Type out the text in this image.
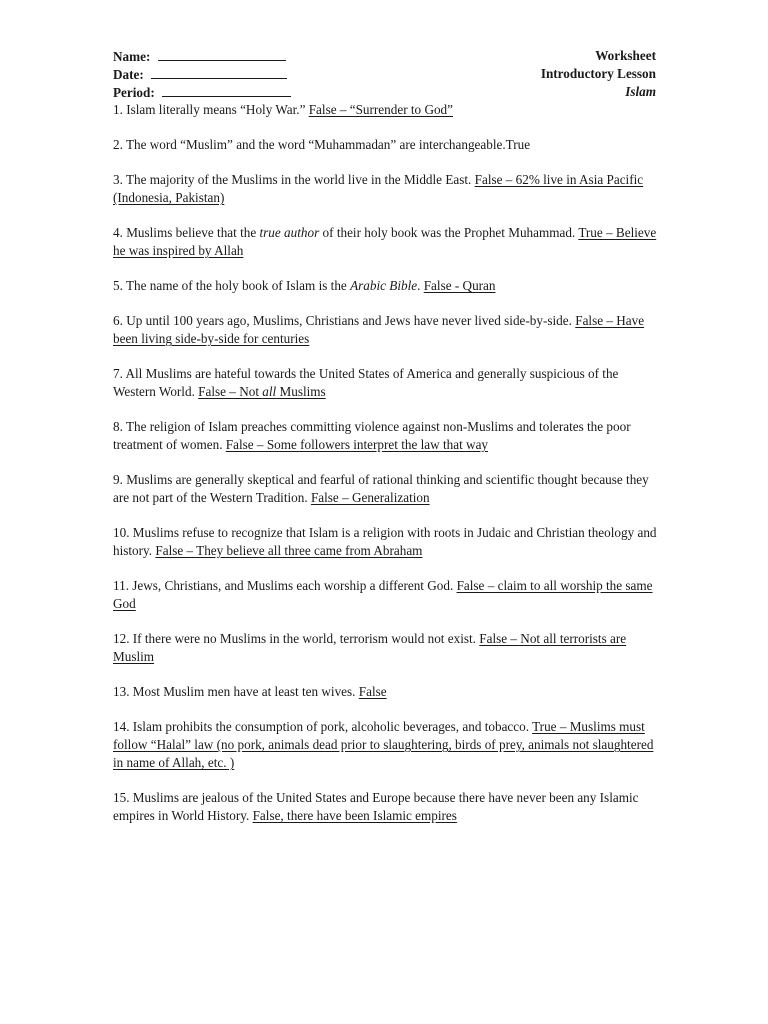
Name:	Worksheet
Date:	Introductory Lesson
Period:	Islam

1. Islam literally means “Holy War.” False – “Surrender to God”

2. The word “Muslim” and the word “Muhammadan” are interchangeable.True

3. The majority of the Muslims in the world live in the Middle East. False – 62% live in Asia Pacific (Indonesia, Pakistan)

4. Muslims believe that the true author of their holy book was the Prophet Muhammad. True – Believe he was inspired by Allah

5. The name of the holy book of Islam is the Arabic Bible. False - Quran

6. Up until 100 years ago, Muslims, Christians and Jews have never lived side-by-side. False – Have been living side-by-side for centuries

7. All Muslims are hateful towards the United States of America and generally suspicious of the Western World. False – Not all Muslims

8. The religion of Islam preaches committing violence against non-Muslims and tolerates the poor treatment of women. False – Some followers interpret the law that way

9. Muslims are generally skeptical and fearful of rational thinking and scientific thought because they are not part of the Western Tradition. False – Generalization

10. Muslims refuse to recognize that Islam is a religion with roots in Judaic and Christian theology and history. False – They believe all three came from Abraham

11. Jews, Christians, and Muslims each worship a different God. False – claim to all worship the same God

12. If there were no Muslims in the world, terrorism would not exist. False – Not all terrorists are Muslim

13. Most Muslim men have at least ten wives. False

14. Islam prohibits the consumption of pork, alcoholic beverages, and tobacco. True – Muslims must follow “Halal” law (no pork, animals dead prior to slaughtering, birds of prey, animals not slaughtered in name of Allah, etc. )

15. Muslims are jealous of the United States and Europe because there have never been any Islamic empires in World History. False, there have been Islamic empires
